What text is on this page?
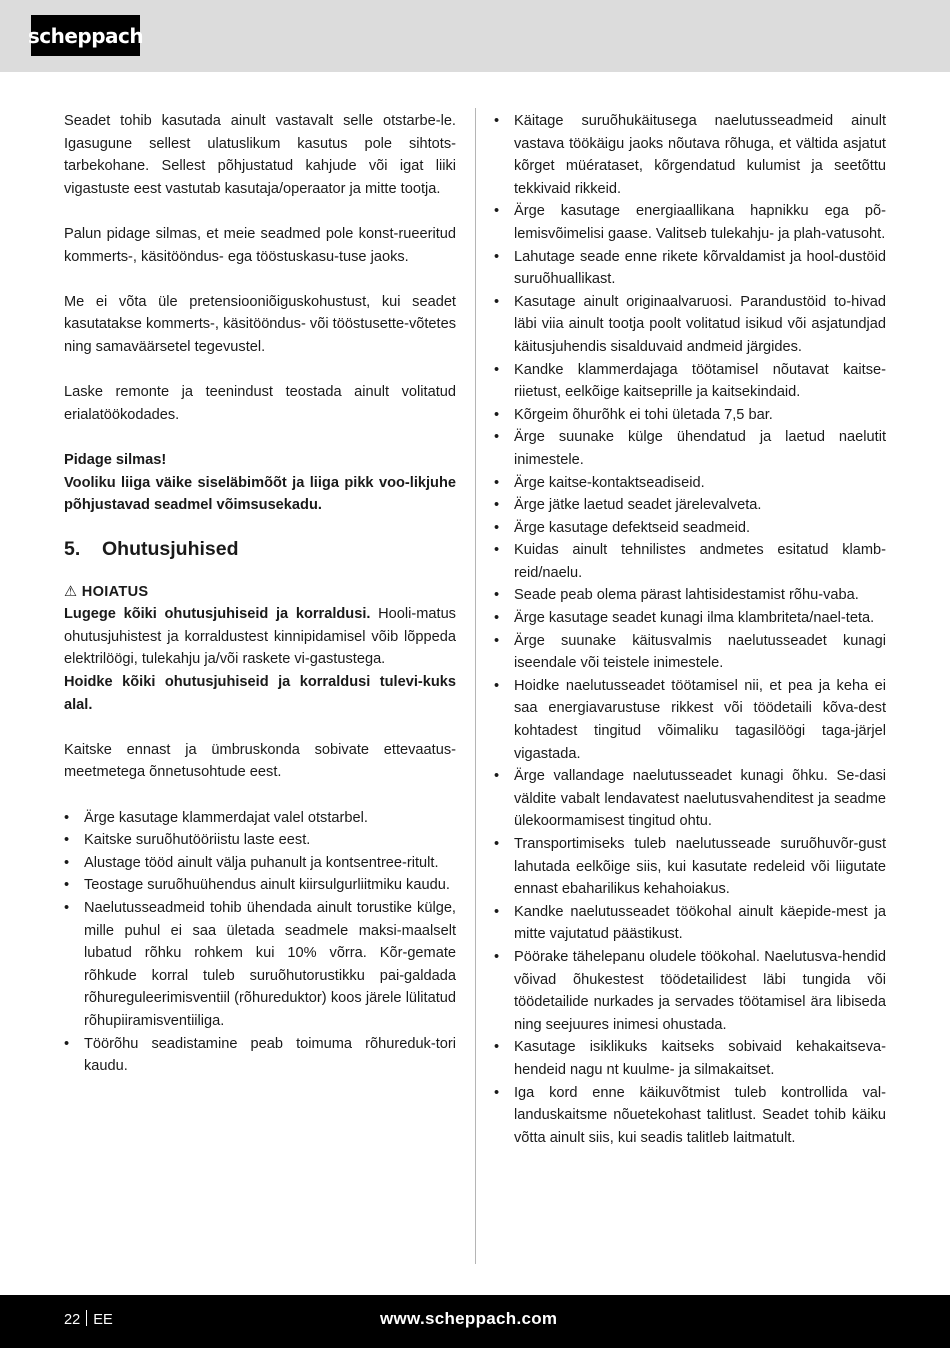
scheppach

Seadet tohib kasutada ainult vastavalt selle otstarbe-le. Igasugune sellest ulatuslikum kasutus pole sihtots-tarbekohane. Sellest põhjustatud kahjude või igat liiki vigastuste eest vastutab kasutaja/operaator ja mitte tootja.

Palun pidage silmas, et meie seadmed pole konst-rueeritud kommerts-, käsitööndus- ega tööstuskasu-tuse jaoks.

Me ei võta üle pretensiooniõiguskohustust, kui seadet kasutatakse kommerts-, käsitööndus- või tööstusette-võtetes ning samaväärsetel tegevustel.

Laske remonte ja teenindust teostada ainult volitatud erialatöökodades.

Pidage silmas!

Vooliku liiga väike siseläbimõõt ja liiga pikk voo-likjuhe põhjustavad seadmel võimsusekadu.

5.	Ohutusjuhised

⚠ HOIATUS

Lugege kõiki ohutusjuhiseid ja korraldusi. Hooli-matus ohutusjuhistest ja korraldustest kinnipidamisel võib lõppeda elektrilöögi, tulekahju ja/või raskete vi-gastustega.

Hoidke kõiki ohutusjuhiseid ja korraldusi tulevi-kuks alal.

Kaitske ennast ja ümbruskonda sobivate ettevaatus-meetmetega õnnetusohtude eest.

• Ärge kasutage klammerdajat valel otstarbel.
• Kaitske suruõhutööriistu laste eest.
• Alustage tööd ainult välja puhanult ja kontsentree-ritult.
• Teostage suruõhuühendus ainult kiirsulgurliitmiku kaudu.
• Naelutusseadmeid tohib ühendada ainult torustike külge, mille puhul ei saa ületada seadmele maksi-maalselt lubatud rõhku rohkem kui 10% võrra. Kõr-gemate rõhkude korral tuleb suruõhutorustikku pai-galdada rõhureguleerimisventiil (rõhureduktor) koos järele lülitatud rõhupiiramisventiiliga.
• Töörõhu seadistamine peab toimuma rõhureduk-tori kaudu.
• Käitage suruõhukäitusega naelutusseadmeid ainult vastava töökäigu jaoks nõutava rõhuga, et vältida asjatut kõrget müérataset, kõrgendatud kulumist ja seetõttu tekkivaid rikkeid.
• Ärge kasutage energiaallikana hapnikku ega põ-lemisvõimelisi gaase. Valitseb tulekahju- ja plah-vatusoht.
• Lahutage seade enne rikete kõrvaldamist ja hool-dustöid suruõhuallikast.
• Kasutage ainult originaalvaruosi. Parandustöid to-hivad läbi viia ainult tootja poolt volitatud isikud või asjatundjad käitusjuhendis sisalduvaid andmeid järgides.
• Kandke klammerdajaga töötamisel nõutavat kaitse-riietust, eelkõige kaitseprille ja kaitsekindaid.
• Kõrgeim õhurõhk ei tohi ületada 7,5 bar.
• Ärge suunake külge ühendatud ja laetud naelutit inimestele.
• Ärge kaitse-kontaktseadiseid.
• Ärge jätke laetud seadet järelevalveta.
• Ärge kasutage defektseid seadmeid.
• Kuidas ainult tehnilistes andmetes esitatud klamb-reid/naelu.
• Seade peab olema pärast lahtisidestamist rõhu-vaba.
• Ärge kasutage seadet kunagi ilma klambriteta/nael-teta.
• Ärge suunake käitusvalmis naelutusseadet kunagi iseendale või teistele inimestele.
• Hoidke naelutusseadet töötamisel nii, et pea ja keha ei saa energiavarustuse rikkest või töödetaili kõva-dest kohtadest tingitud võimaliku tagasilöögi taga-järjel vigastada.
• Ärge vallandage naelutusseadet kunagi õhku. Se-dasi väldite vabalt lendavatest naelutusvahenditest ja seadme ülekoormamisest tingitud ohtu.
• Transportimiseks tuleb naelutusseade suruõhuvõr-gust lahutada eelkõige siis, kui kasutate redeleid või liigutate ennast ebaharilikus kehahoiakus.
• Kandke naelutusseadet töökohal ainult käepide-mest ja mitte vajutatud päästikust.
• Pöörake tähelepanu oludele töökohal. Naelutusva-hendid võivad õhukestest töödetailidest läbi tungida või töödetailide nurkades ja servades töötamisel ära libiseda ning seejuures inimesi ohustada.
• Kasutage isiklikuks kaitseks sobivaid kehakaitseva-hendeid nagu nt kuulme- ja silmakaitset.
• Iga kord enne käikuvõtmist tuleb kontrollida val-landuskaitsme nõuetekohast talitlust. Seadet tohib käiku võtta ainult siis, kui seadis talitleb laitmatult.
22 EE	www.scheppach.com
